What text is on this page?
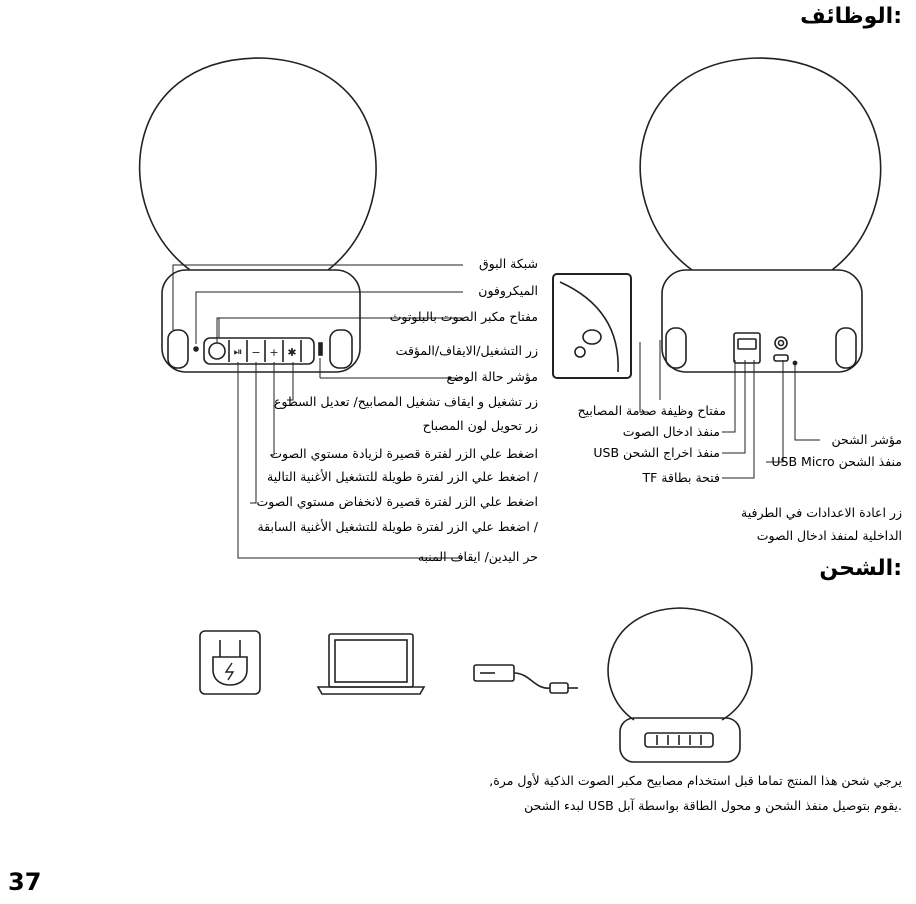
⏯ − + ✱
:الوظائف
:الشحن
شبكة البوق
الميكروفون
مفتاح مكبر الصوت بالبلوتوث
زر التشغيل/الايقاف/المؤقت
مؤشر حالة الوضع
زر تشغيل و ايقاف تشغيل المصابيح/ تعديل السطوع
زر تحويل لون المصباح
اضغط علي الزر لفترة قصيرة لزيادة مستوي الصوت
/ اضغط علي الزر لفترة طويلة للتشغيل الأغنية التالية
اضغط علي الزر لفترة قصيرة لانخفاض مستوي الصوت
/ اضغط علي الزر لفترة طويلة للتشغيل الأغنية السابقة
حر اليدين/ ايقاف المنبه
مفتاح وظيفة صدمة المصابيح
منفذ ادخال الصوت
USB منفذ اخراج الشحن
TF فتحة بطاقة
مؤشر الشحن
USB Micro منفذ الشحن
زر اعادة الاعدادات في الطرفية
الداخلية لمنفذ ادخال الصوت
يرجي شحن هذا المنتج تماما قبل استخدام مصابيح مكبر الصوت الذكية لأول مرة,
.يقوم بتوصيل منفذ الشحن و محول الطاقة بواسطة آبل USB لبدء الشحن
37
